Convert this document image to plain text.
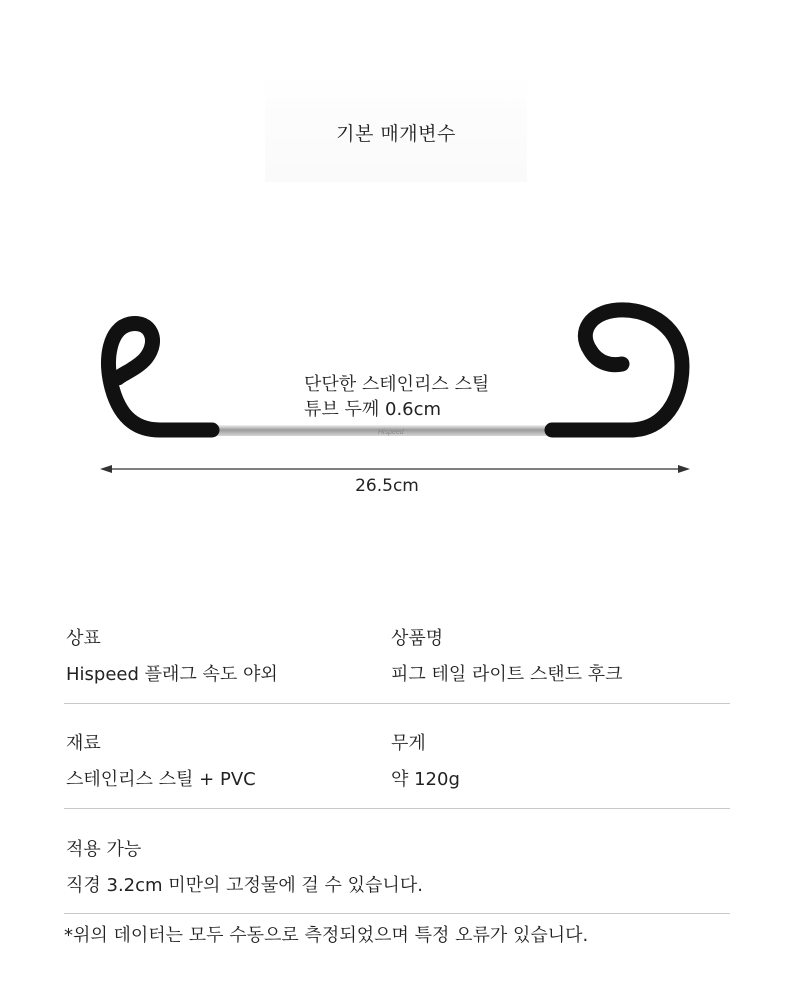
기본 매개변수
Hispeed
단단한 스테인리스 스틸
튜브 두께 0.6cm
26.5cm
상표
Hispeed 플래그 속도 야외
상품명
피그 테일 라이트 스탠드 후크
재료
스테인리스 스틸 + PVC
무게
약 120g
적용 가능
직경 3.2cm 미만의 고정물에 걸 수 있습니다.
*위의 데이터는 모두 수동으로 측정되었으며 특정 오류가 있습니다.
